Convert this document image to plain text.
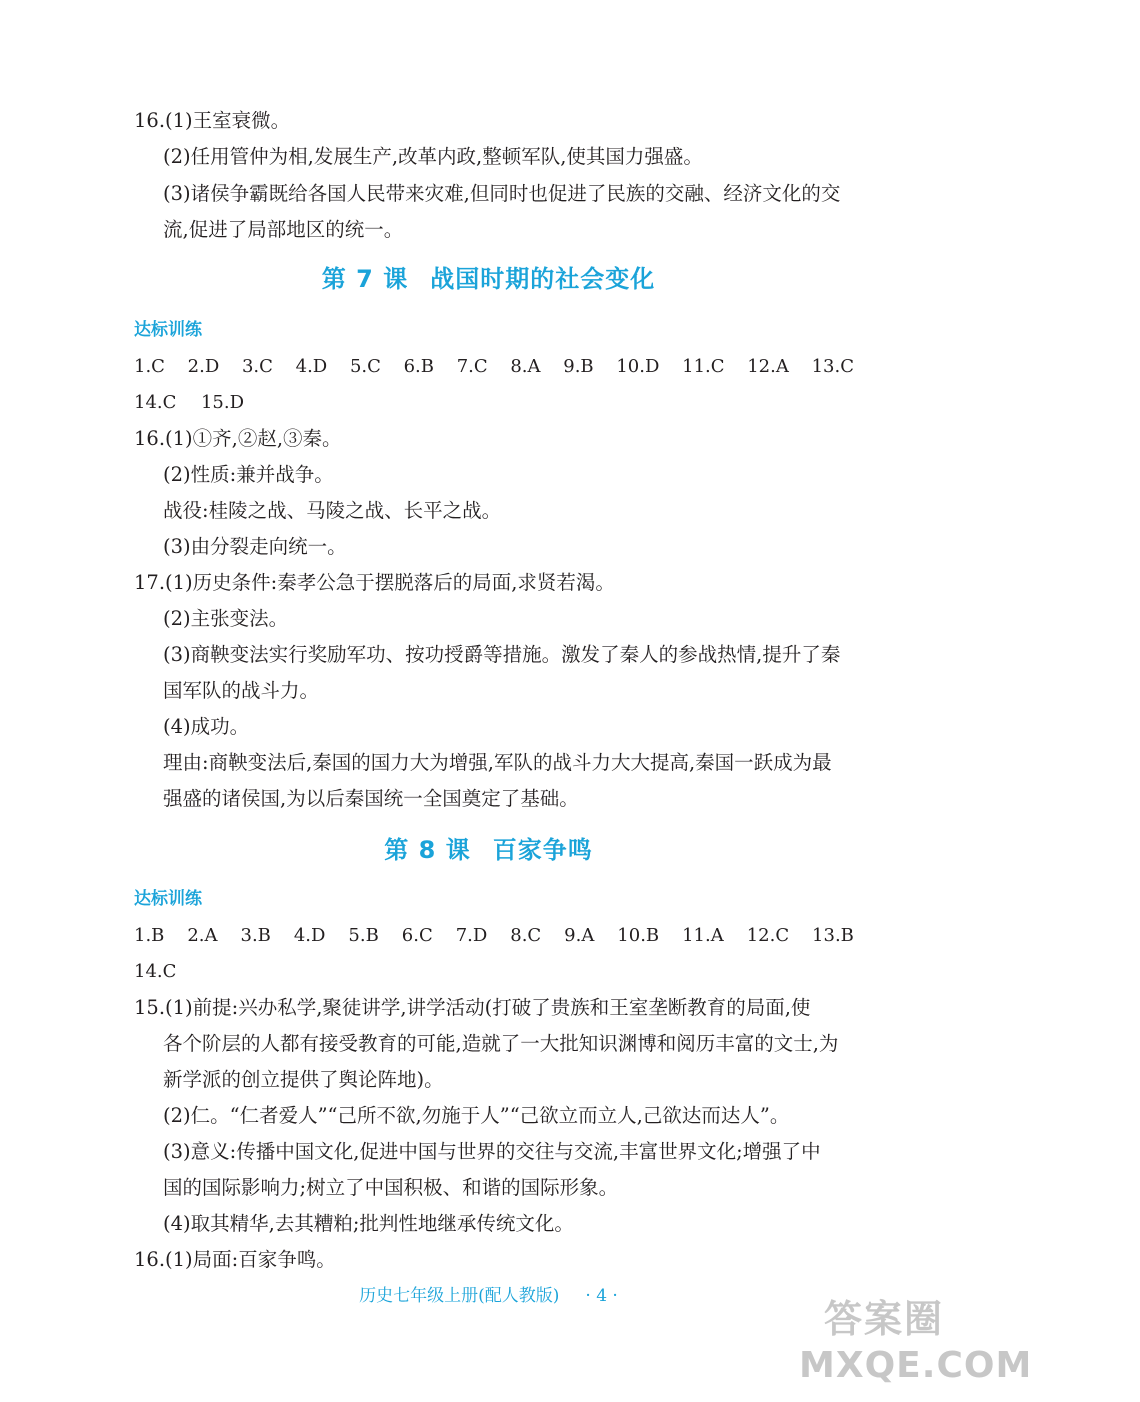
16.(1)王室衰微。
(2)任用管仲为相,发展生产,改革内政,整顿军队,使其国力强盛。
(3)诸侯争霸既给各国人民带来灾难,但同时也促进了民族的交融、经济文化的交
流,促进了局部地区的统一。
第 7 课 战国时期的社会变化
达标训练
1.C 2.D 3.C 4.D 5.C 6.B 7.C 8.A 9.B 10.D 11.C 12.A 13.C
14.C 15.D
16.(1)①齐,②赵,③秦。
(2)性质:兼并战争。
战役:桂陵之战、马陵之战、长平之战。
(3)由分裂走向统一。
17.(1)历史条件:秦孝公急于摆脱落后的局面,求贤若渴。
(2)主张变法。
(3)商鞅变法实行奖励军功、按功授爵等措施。激发了秦人的参战热情,提升了秦
国军队的战斗力。
(4)成功。
理由:商鞅变法后,秦国的国力大为增强,军队的战斗力大大提高,秦国一跃成为最
强盛的诸侯国,为以后秦国统一全国奠定了基础。
第 8 课 百家争鸣
达标训练
1.B 2.A 3.B 4.D 5.B 6.C 7.D 8.C 9.A 10.B 11.A 12.C 13.B
14.C
15.(1)前提:兴办私学,聚徒讲学,讲学活动(打破了贵族和王室垄断教育的局面,使
各个阶层的人都有接受教育的可能,造就了一大批知识渊博和阅历丰富的文士,为
新学派的创立提供了舆论阵地)。
(2)仁。“仁者爱人”“己所不欲,勿施于人”“己欲立而立人,己欲达而达人”。
(3)意义:传播中国文化,促进中国与世界的交往与交流,丰富世界文化;增强了中
国的国际影响力;树立了中国积极、和谐的国际形象。
(4)取其精华,去其糟粕;批判性地继承传统文化。
16.(1)局面:百家争鸣。
历史七年级上册(配人教版) · 4 ·
答案圈
MXQE.COM
